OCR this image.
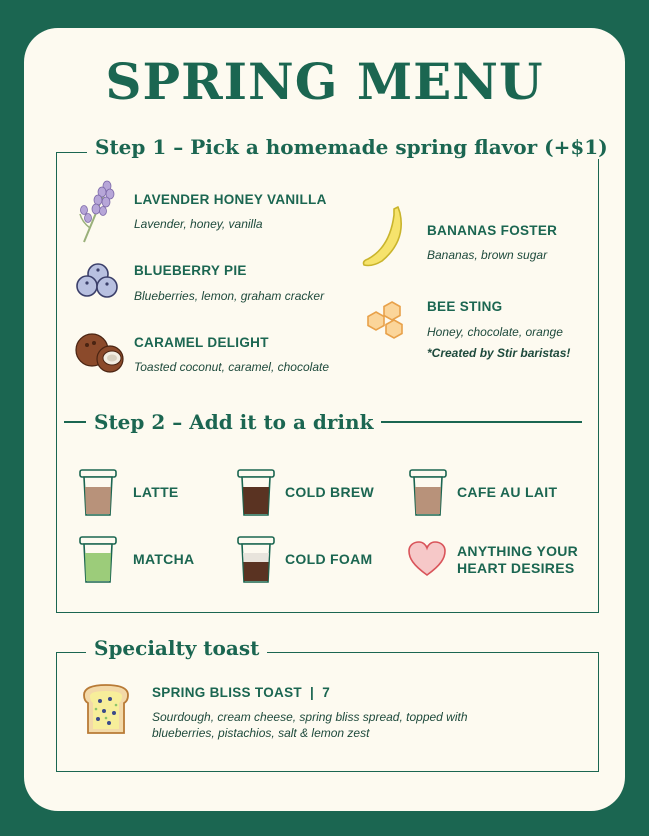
SPRING MENU
Step 1 – Pick a homemade spring flavor (+$1)
LAVENDER HONEY VANILLA
Lavender, honey, vanilla
BLUEBERRY PIE
Blueberries, lemon, graham cracker
CARAMEL DELIGHT
Toasted coconut, caramel, chocolate
BANANAS FOSTER
Bananas, brown sugar
BEE STING
Honey, chocolate, orange
*Created by Stir baristas!
Step 2 – Add it to a drink
LATTE	COLD BREW	CAFE AU LAIT
MATCHA	COLD FOAM	ANYTHING YOUR HEART DESIRES
Specialty toast
SPRING BLISS TOAST  |  7
Sourdough, cream cheese, spring bliss spread, topped with blueberries, pistachios, salt & lemon zest
